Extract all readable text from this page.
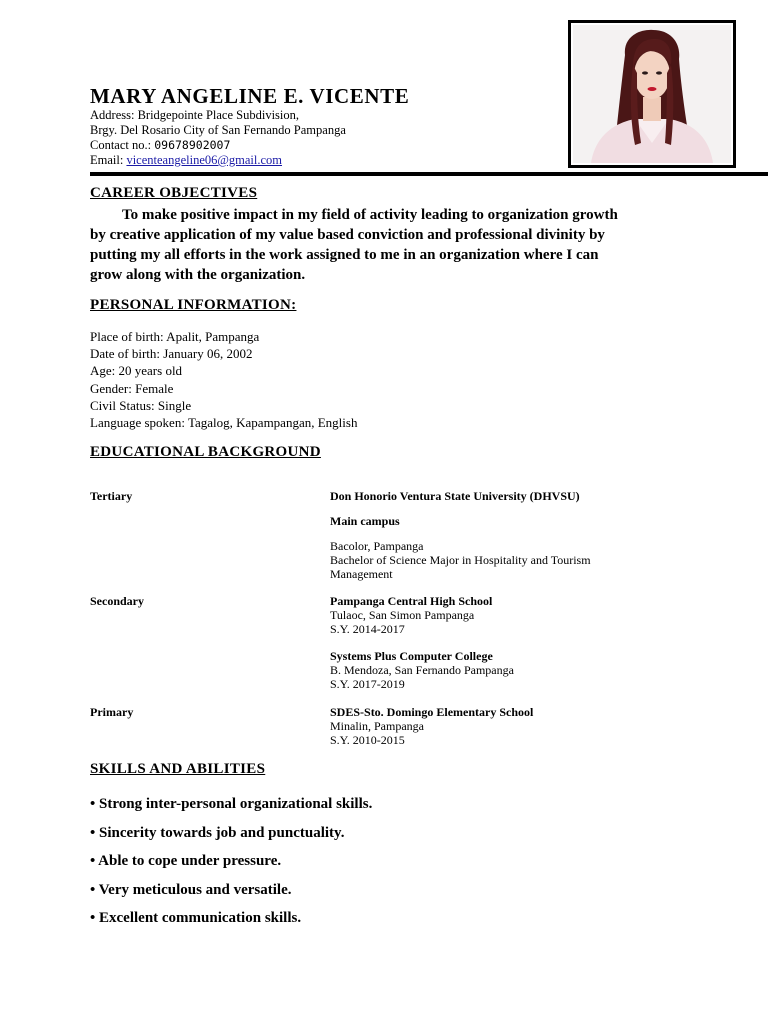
MARY ANGELINE E. VICENTE
Address: Bridgepointe Place Subdivision,
Brgy. Del Rosario City of San Fernando Pampanga
Contact no.: 09678902007
Email: vicenteangeline06@gmail.com
CAREER OBJECTIVES
To make positive impact in my field of activity leading to organization growth
by creative application of my value based conviction and professional divinity by
putting my all efforts in the work assigned to me in an organization where I can
grow along with the organization.
PERSONAL INFORMATION:
Place of birth: Apalit, Pampanga
Date of birth: January 06, 2002
Age: 20 years old
Gender: Female
Civil Status: Single
Language spoken: Tagalog, Kapampangan, English
EDUCATIONAL BACKGROUND
Tertiary	Don Honorio Ventura State University (DHVSU)
Main campus
Bacolor, Pampanga
Bachelor of Science Major in Hospitality and Tourism
Management
Secondary	Pampanga Central High School
Tulaoc, San Simon Pampanga
S.Y. 2014-2017
Systems Plus Computer College
B. Mendoza, San Fernando Pampanga
S.Y. 2017-2019
Primary	SDES-Sto. Domingo Elementary School
Minalin, Pampanga
S.Y. 2010-2015
SKILLS AND ABILITIES
• Strong inter-personal organizational skills.
• Sincerity towards job and punctuality.
• Able to cope under pressure.
• Very meticulous and versatile.
• Excellent communication skills.
